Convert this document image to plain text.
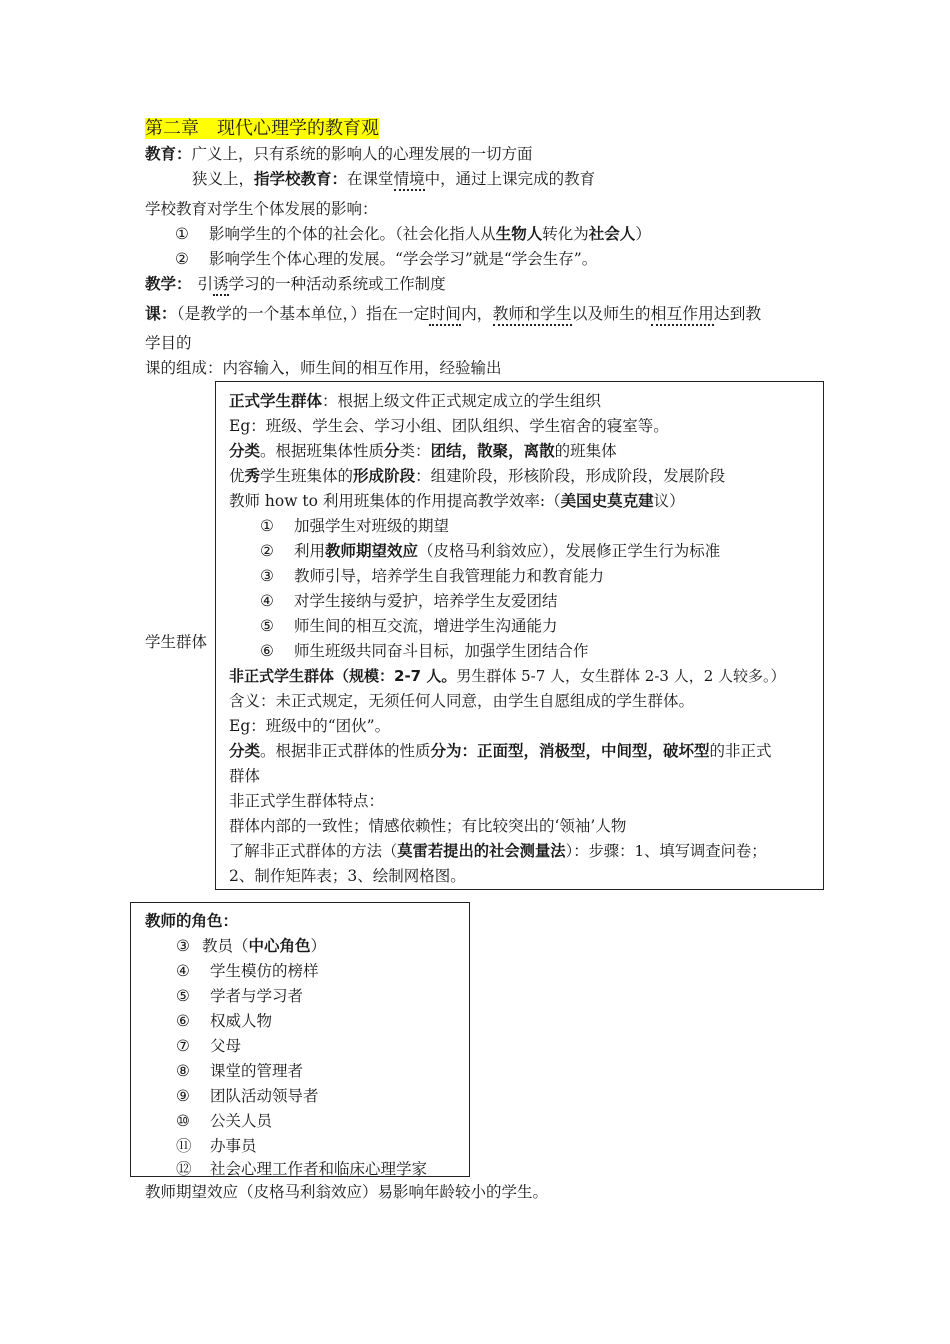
第二章　现代心理学的教育观
教育：广义上，只有系统的影响人的心理发展的一切方面
狭义上，指学校教育：在课堂情境中，通过上课完成的教育
学校教育对学生个体发展的影响：
① 影响学生的个体的社会化。（社会化指人从生物人转化为社会人）
② 影响学生个体心理的发展。“学会学习”就是“学会生存”。
教学： 引诱学习的一种活动系统或工作制度
课：（是教学的一个基本单位，）指在一定时间内，教师和学生以及师生的相互作用达到教
学目的
课的组成：内容输入，师生间的相互作用，经验输出
学生群体
正式学生群体：根据上级文件正式规定成立的学生组织
Eg：班级、学生会、学习小组、团队组织、学生宿舍的寝室等。
分类。根据班集体性质分类：团结，散聚，离散的班集体
优秀学生班集体的形成阶段：组建阶段，形核阶段，形成阶段，发展阶段
教师 how to 利用班集体的作用提高教学效率:（美国史莫克建议）
① 加强学生对班级的期望
② 利用教师期望效应（皮格马利翁效应），发展修正学生行为标准
③ 教师引导，培养学生自我管理能力和教育能力
④ 对学生接纳与爱护，培养学生友爱团结
⑤ 师生间的相互交流，增进学生沟通能力
⑥ 师生班级共同奋斗目标，加强学生团结合作
非正式学生群体（规模：2-7 人。男生群体 5-7 人，女生群体 2-3 人，2 人较多。）
含义：未正式规定，无须任何人同意，由学生自愿组成的学生群体。
Eg：班级中的“团伙”。
分类。根据非正式群体的性质分为：正面型，消极型，中间型，破坏型的非正式
群体
非正式学生群体特点：
群体内部的一致性；情感依赖性；有比较突出的‘领袖’人物
了解非正式群体的方法（莫雷若提出的社会测量法）：步骤：1、填写调查问卷；
2、制作矩阵表；3、绘制网格图。
教师的角色：
③ 教员（中心角色）
④ 学生模仿的榜样
⑤ 学者与学习者
⑥ 权威人物
⑦ 父母
⑧ 课堂的管理者
⑨ 团队活动领导者
⑩ 公关人员
⑪ 办事员
⑫ 社会心理工作者和临床心理学家
教师期望效应（皮格马利翁效应）易影响年龄较小的学生。
